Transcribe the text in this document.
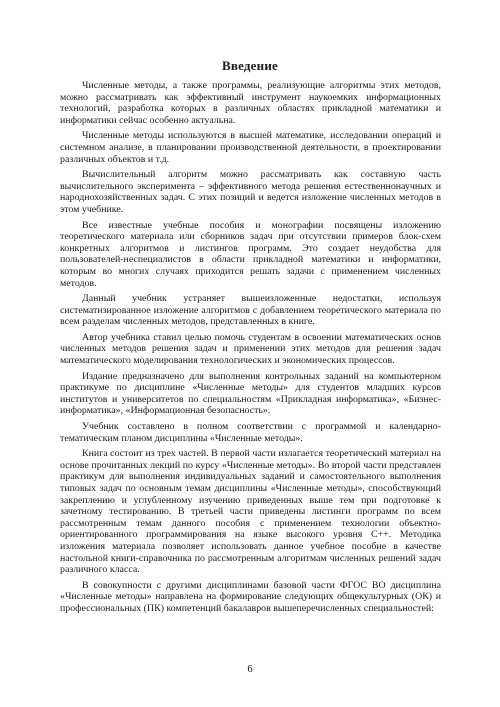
Введение

Численные методы, а также программы, реализующие алгоритмы этих методов, можно рассматривать как эффективный инструмент наукоемких информационных технологий, разработка которых в различных областях прикладной математики и информатики сейчас особенно актуальна.

Численные методы используются в высшей математике, исследовании операций и системном анализе, в планировании производственной деятельности, в проектировании различных объектов и т.д.

Вычислительный алгоритм можно рассматривать как составную часть вычислительного эксперимента – эффективного метода решения естественнонаучных и народнохозяйственных задач. С этих позиций и ведется изложение численных методов в этом учебнике.

Все известные учебные пособия и монографии посвящены изложению теоретического материала или сборников задач при отсутствии примеров блок-схем конкретных алгоритмов и листингов программ. Это создает неудобства для пользователей-неспециалистов в области прикладной математики и информатики, которым во многих случаях приходится решать задачи с применением численных методов.

Данный учебник устраняет вышеизложенные недостатки, используя систематизированное изложение алгоритмов с добавлением теоретического материала по всем разделам численных методов, представленных в книге.

Автор учебника ставил целью помочь студентам в освоении математических основ численных методов решения задач и применении этих методов для решения задач математического моделирования технологических и экономических процессов.

Издание предназначено для выполнения контрольных заданий на компьютерном практикуме по дисциплине «Численные методы» для студентов младших курсов институтов и университетов по специальностям «Прикладная информатика», «Бизнес-информатика», «Информационная безопасность».

Учебник составлено в полном соответствии с программой и календарно-тематическим планом дисциплины «Численные методы».

Книга состоит из трех частей. В первой части излагается теоретический материал на основе прочитанных лекций по курсу «Численные методы». Во второй части представлен практикум для выполнения индивидуальных заданий и самостоятельного выполнения типовых задач по основным темам дисциплины «Численные методы», способствующий закреплению и углубленному изучению приведенных выше тем при подготовке к зачетному тестированию. В третьей части приведены листинги программ по всем рассмотренным темам данного пособия с применением технологии объектно-ориентированного программирования на языке высокого уровня C++. Методика изложения материала позволяет использовать данное учебное пособие в качестве настольной книги-справочника по рассмотренным алгоритмам численных решений задач различного класса.

В совокупности с другими дисциплинами базовой части ФГОС ВО дисциплина «Численные методы» направлена на формирование следующих общекультурных (ОК) и профессиональных (ПК) компетенций бакалавров вышеперечисленных специальностей:

6
